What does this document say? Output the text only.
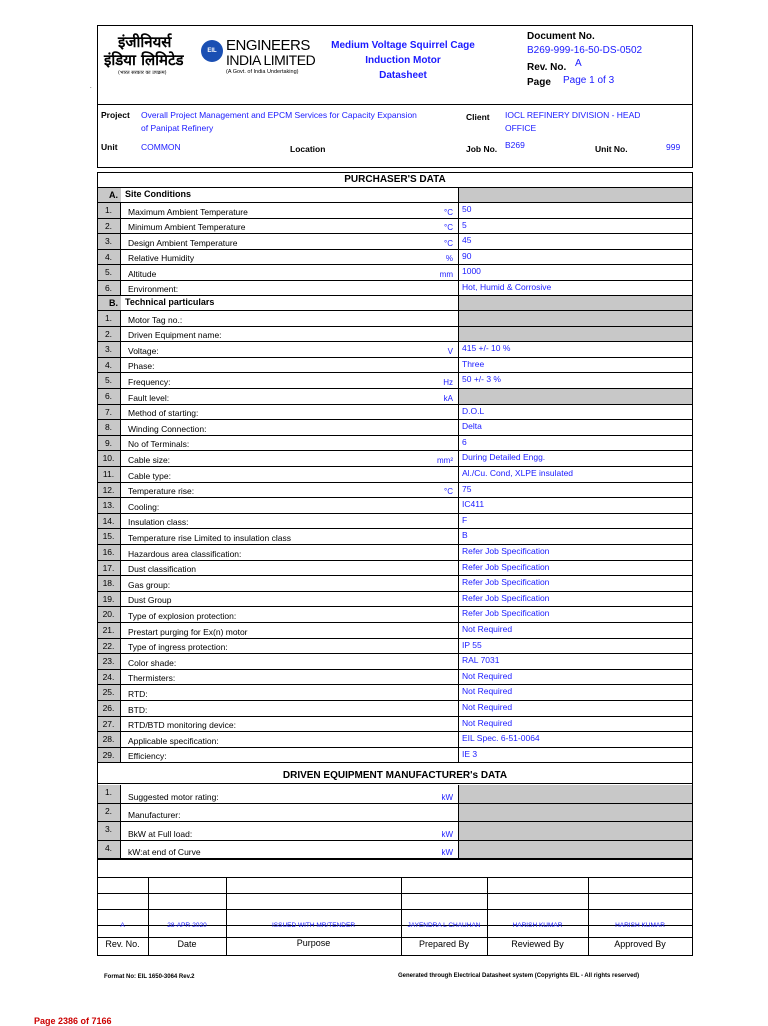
इंजीनियर्स
इंडिया लिमिटेड
(भारत सरकार का उपक्रम)
EIL ENGINEERS
INDIA LIMITED
(A Govt. of India Undertaking)
Medium Voltage Squirrel Cage
Induction Motor
Datasheet
Document No.
B269-999-16-50-DS-0502
Rev. No. A
Page Page 1 of 3
.
Project Overall Project Management and EPCM Services for Capacity Expansion
of Panipat Refinery
Client IOCL REFINERY DIVISION - HEAD
OFFICE
Unit	COMMON	Location	Job No. B269	Unit No.	999
PURCHASER'S DATA
A. Site Conditions
1.	Maximum Ambient Temperature	°C	50
2.	Minimum Ambient Temperature	°C	5
3.	Design Ambient Temperature	°C	45
4.	Relative Humidity	%	90
5.	Altitude	mm	1000
6.	Environment:	Hot, Humid & Corrosive
B. Technical particulars
1.	Motor Tag no.:
2.	Driven Equipment name:
3.	Voltage:	V	415 +/- 10 %
4.	Phase:	Three
5.	Frequency:	Hz	50 +/- 3 %
6.	Fault level:	kA
7.	Method of starting:	D.O.L
8.	Winding Connection:	Delta
9.	No of Terminals:	6
10.	Cable size:	mm²	During Detailed Engg.
11.	Cable type:	Al./Cu. Cond, XLPE insulated
12.	Temperature rise:	°C	75
13.	Cooling:	IC411
14.	Insulation class:	F
15.	Temperature rise Limited to insulation class	B
16.	Hazardous area classification:	Refer Job Specification
17.	Dust classification	Refer Job Specification
18.	Gas group:	Refer Job Specification
19.	Dust Group	Refer Job Specification
20.	Type of explosion protection:	Refer Job Specification
21.	Prestart purging for Ex(n) motor	Not Required
22.	Type of ingress protection:	IP 55
23.	Color shade:	RAL 7031
24.	Thermisters:	Not Required
25.	RTD:	Not Required
26.	BTD:	Not Required
27.	RTD/BTD monitoring device:	Not Required
28.	Applicable specification:	EIL Spec. 6-51-0064
29.	Efficiency:	IE 3
DRIVEN EQUIPMENT MANUFACTURER's DATA
1.	Suggested motor rating:	kW
2.	Manufacturer:
3.	BkW at Full load:	kW
4.	kW:at end of Curve	kW
A	28-APR-2020	ISSUED WITH MR/TENDER	JAYENDRA L CHAUHAN	HARISH KUMAR	HARISH KUMAR
Rev. No.	Date	Purpose	Prepared By	Reviewed By	Approved By
Format No: EIL 1650-3064 Rev.2	Generated through Electrical Datasheet system (Copyrights EIL - All rights reserved)
Page 2386 of 7166
